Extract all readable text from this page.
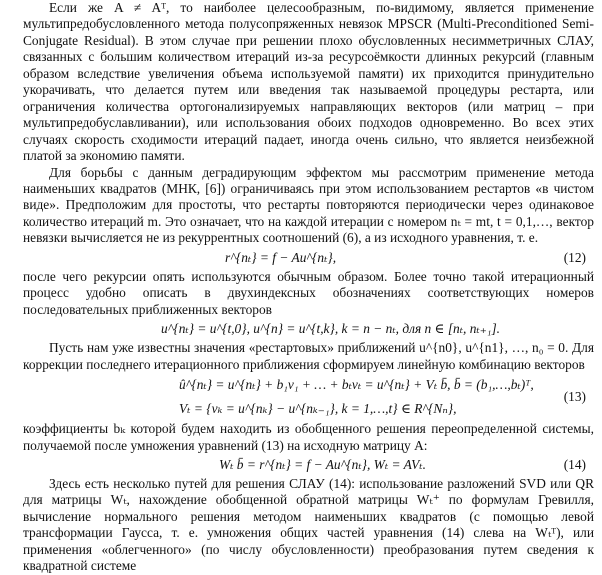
Если же A ≠ Aᵀ, то наиболее целесообразным, по-видимому, является применение мультипредобусловленного метода полусопряженных невязок MPSCR (Multi-Preconditioned Semi-Conjugate Residual). В этом случае при решении плохо обусловленных несимметричных СЛАУ, связанных с большим количеством итераций из-за ресурсоёмкости длинных рекурсий (главным образом вследствие увеличения объема используемой памяти) их приходится принудительно укорачивать, что делается путем или введения так называемой процедуры рестарта, или ограничения количества ортогонализируемых направляющих векторов (или матриц – при мультипредобуславливании), или использования обоих подходов одновременно. Во всех этих случаях скорость сходимости итераций падает, иногда очень сильно, что является неизбежной платой за экономию памяти.

Для борьбы с данным деградирующим эффектом мы рассмотрим применение метода наименьших квадратов (МНК, [6]) ограничиваясь при этом использованием рестартов «в чистом виде». Предположим для простоты, что рестарты повторяются периодически через одинаковое количество итераций m. Это означает, что на каждой итерации с номером nₜ = mt, t = 0,1,…, вектор невязки вычисляется не из рекуррентных соотношений (6), а из исходного уравнения, т. е.

r^{nₜ} = f − Au^{nₜ},	(12)

после чего рекурсии опять используются обычным образом. Более точно такой итерационный процесс удобно описать в двухиндексных обозначениях соответствующих номеров последовательных приближенных векторов

u^{nₜ} = u^{t,0}, u^{n} = u^{t,k}, k = n − nₜ, для n ∈ [nₜ, nₜ₊₁].

Пусть нам уже известны значения «рестартовых» приближений u^{n0}, u^{n1}, …, n₀ = 0. Для коррекции последнего итерационного приближения сформируем линейную комбинацию векторов

û^{nₜ} = u^{nₜ} + b₁v₁ + … + bₜvₜ = u^{nₜ} + Vₜ b̄, b̄ = (b₁,…,bₜ)ᵀ,
Vₜ = {vₖ = u^{nₖ} − u^{nₖ₋₁}, k = 1,…,t} ∈ R^{Nₙ},
(13)

коэффициенты bₖ которой будем находить из обобщенного решения переопределенной системы, получаемой после умножения уравнений (13) на исходную матрицу A:

Wₜ b̄ = r^{nₜ} = f − Au^{nₜ}, Wₜ = AVₜ.	(14)

Здесь есть несколько путей для решения СЛАУ (14): использование разложений SVD или QR для матрицы Wₜ, нахождение обобщенной обратной матрицы Wₜ⁺ по формулам Гревилля, вычисление нормального решения методом наименьших квадратов (с помощью левой трансформации Гаусса, т. е. умножения общих частей уравнения (14) слева на Wₜᵀ), или применения «облегченного» (по числу обусловленности) преобразования путем сведения к квадратной системе
